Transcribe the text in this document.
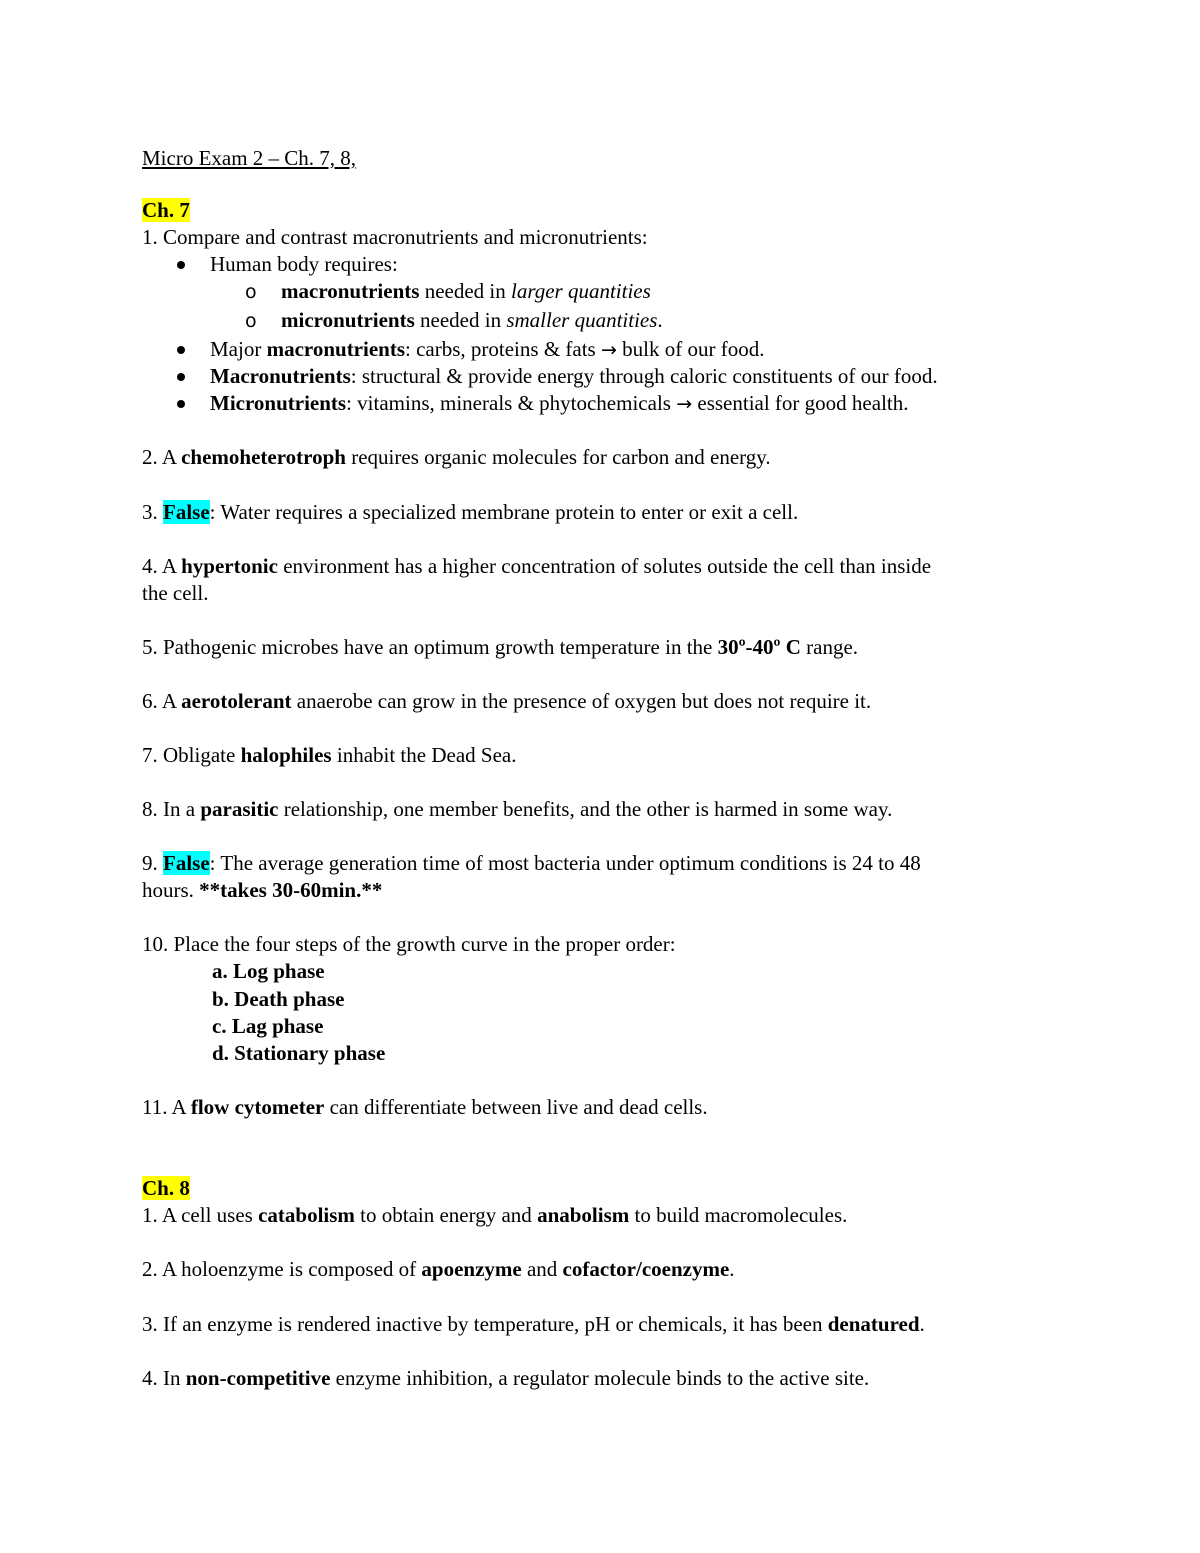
Micro Exam 2 – Ch. 7, 8,
Ch. 7
1. Compare and contrast macronutrients and micronutrients:
Human body requires:
o macronutrients needed in larger quantities
o micronutrients needed in smaller quantities.
Major macronutrients: carbs, proteins & fats → bulk of our food.
Macronutrients: structural & provide energy through caloric constituents of our food.
Micronutrients: vitamins, minerals & phytochemicals → essential for good health.
2. A chemoheterotroph requires organic molecules for carbon and energy.
3. False: Water requires a specialized membrane protein to enter or exit a cell.
4. A hypertonic environment has a higher concentration of solutes outside the cell than inside
the cell.
5. Pathogenic microbes have an optimum growth temperature in the 30º-40º C range.
6. A aerotolerant anaerobe can grow in the presence of oxygen but does not require it.
7. Obligate halophiles inhabit the Dead Sea.
8. In a parasitic relationship, one member benefits, and the other is harmed in some way.
9. False: The average generation time of most bacteria under optimum conditions is 24 to 48
hours. **takes 30-60min.**
10. Place the four steps of the growth curve in the proper order:
a. Log phase
b. Death phase
c. Lag phase
d. Stationary phase
11. A flow cytometer can differentiate between live and dead cells.
Ch. 8
1. A cell uses catabolism to obtain energy and anabolism to build macromolecules.
2. A holoenzyme is composed of apoenzyme and cofactor/coenzyme.
3. If an enzyme is rendered inactive by temperature, pH or chemicals, it has been denatured.
4. In non-competitive enzyme inhibition, a regulator molecule binds to the active site.
